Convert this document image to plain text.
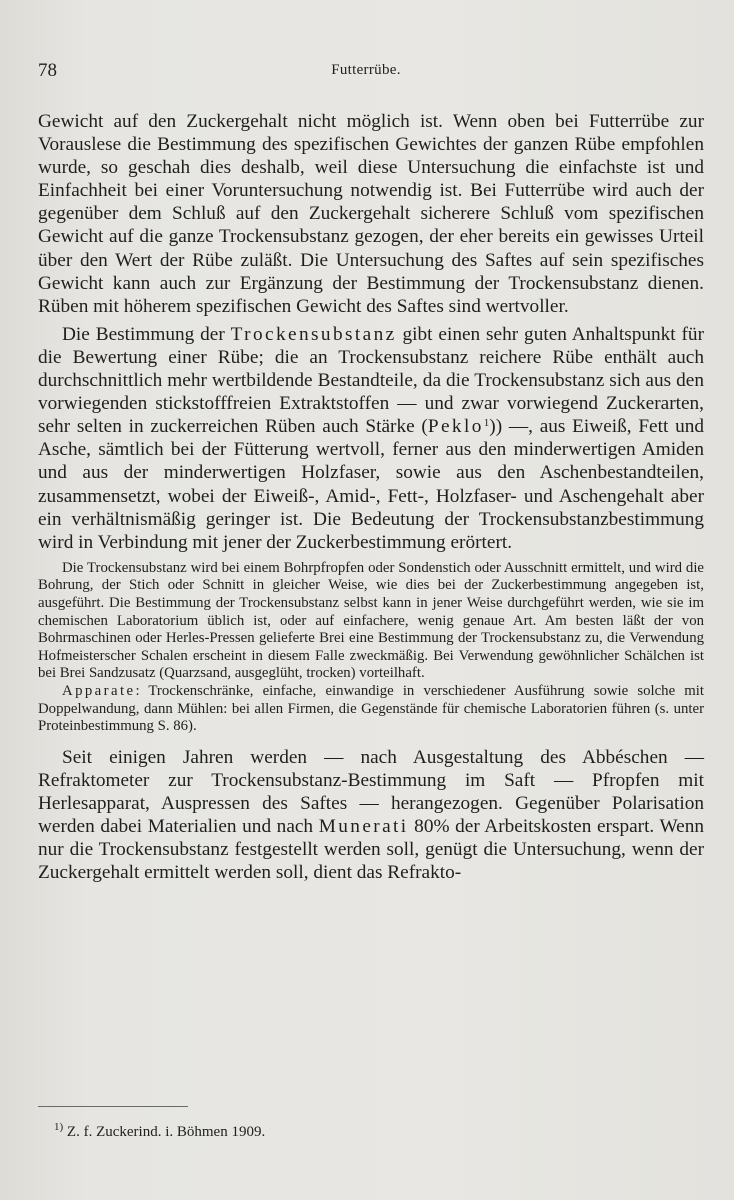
78	Futterrübe.

Gewicht auf den Zuckergehalt nicht möglich ist. Wenn oben bei Futterrübe zur Vorauslese die Bestimmung des spezifischen Gewichtes der ganzen Rübe empfohlen wurde, so geschah dies deshalb, weil diese Untersuchung die einfachste ist und Einfachheit bei einer Voruntersuchung notwendig ist. Bei Futterrübe wird auch der gegenüber dem Schluß auf den Zuckergehalt sicherere Schluß vom spezifischen Gewicht auf die ganze Trockensubstanz gezogen, der eher bereits ein gewisses Urteil über den Wert der Rübe zuläßt. Die Untersuchung des Saftes auf sein spezifisches Gewicht kann auch zur Ergänzung der Bestimmung der Trockensubstanz dienen. Rüben mit höherem spezifischen Gewicht des Saftes sind wertvoller.

Die Bestimmung der Trockensubstanz gibt einen sehr guten Anhaltspunkt für die Bewertung einer Rübe; die an Trockensubstanz reichere Rübe enthält auch durchschnittlich mehr wertbildende Bestandteile, da die Trockensubstanz sich aus den vorwiegenden stickstofffreien Extraktstoffen — und zwar vorwiegend Zuckerarten, sehr selten in zuckerreichen Rüben auch Stärke (Peklo$^1$)) —, aus Eiweiß, Fett und Asche, sämtlich bei der Fütterung wertvoll, ferner aus den minderwertigen Amiden und aus der minderwertigen Holzfaser, sowie aus den Aschenbestandteilen, zusammensetzt, wobei der Eiweiß-, Amid-, Fett-, Holzfaser- und Aschengehalt aber ein verhältnismäßig geringer ist. Die Bedeutung der Trockensubstanzbestimmung wird in Verbindung mit jener der Zuckerbestimmung erörtert.

Die Trockensubstanz wird bei einem Bohrpfropfen oder Sondenstich oder Ausschnitt ermittelt, und wird die Bohrung, der Stich oder Schnitt in gleicher Weise, wie dies bei der Zuckerbestimmung angegeben ist, ausgeführt. Die Bestimmung der Trockensubstanz selbst kann in jener Weise durchgeführt werden, wie sie im chemischen Laboratorium üblich ist, oder auf einfachere, wenig genaue Art. Am besten läßt der von Bohrmaschinen oder Herles-Pressen gelieferte Brei eine Bestimmung der Trockensubstanz zu, die Verwendung Hofmeisterscher Schalen erscheint in diesem Falle zweckmäßig. Bei Verwendung gewöhnlicher Schälchen ist bei Brei Sandzusatz (Quarzsand, ausgeglüht, trocken) vorteilhaft.

Apparate: Trockenschränke, einfache, einwandige in verschiedener Ausführung sowie solche mit Doppelwandung, dann Mühlen: bei allen Firmen, die Gegenstände für chemische Laboratorien führen (s. unter Proteinbestimmung S. 86).

Seit einigen Jahren werden — nach Ausgestaltung des Abbéschen — Refraktometer zur Trockensubstanz-Bestimmung im Saft — Pfropfen mit Herlesapparat, Auspressen des Saftes — herangezogen. Gegenüber Polarisation werden dabei Materialien und nach Munerati 80% der Arbeitskosten erspart. Wenn nur die Trockensubstanz festgestellt werden soll, genügt die Untersuchung, wenn der Zuckergehalt ermittelt werden soll, dient das Refrakto-

$^{1)}$ Z. f. Zuckerind. i. Böhmen 1909.
